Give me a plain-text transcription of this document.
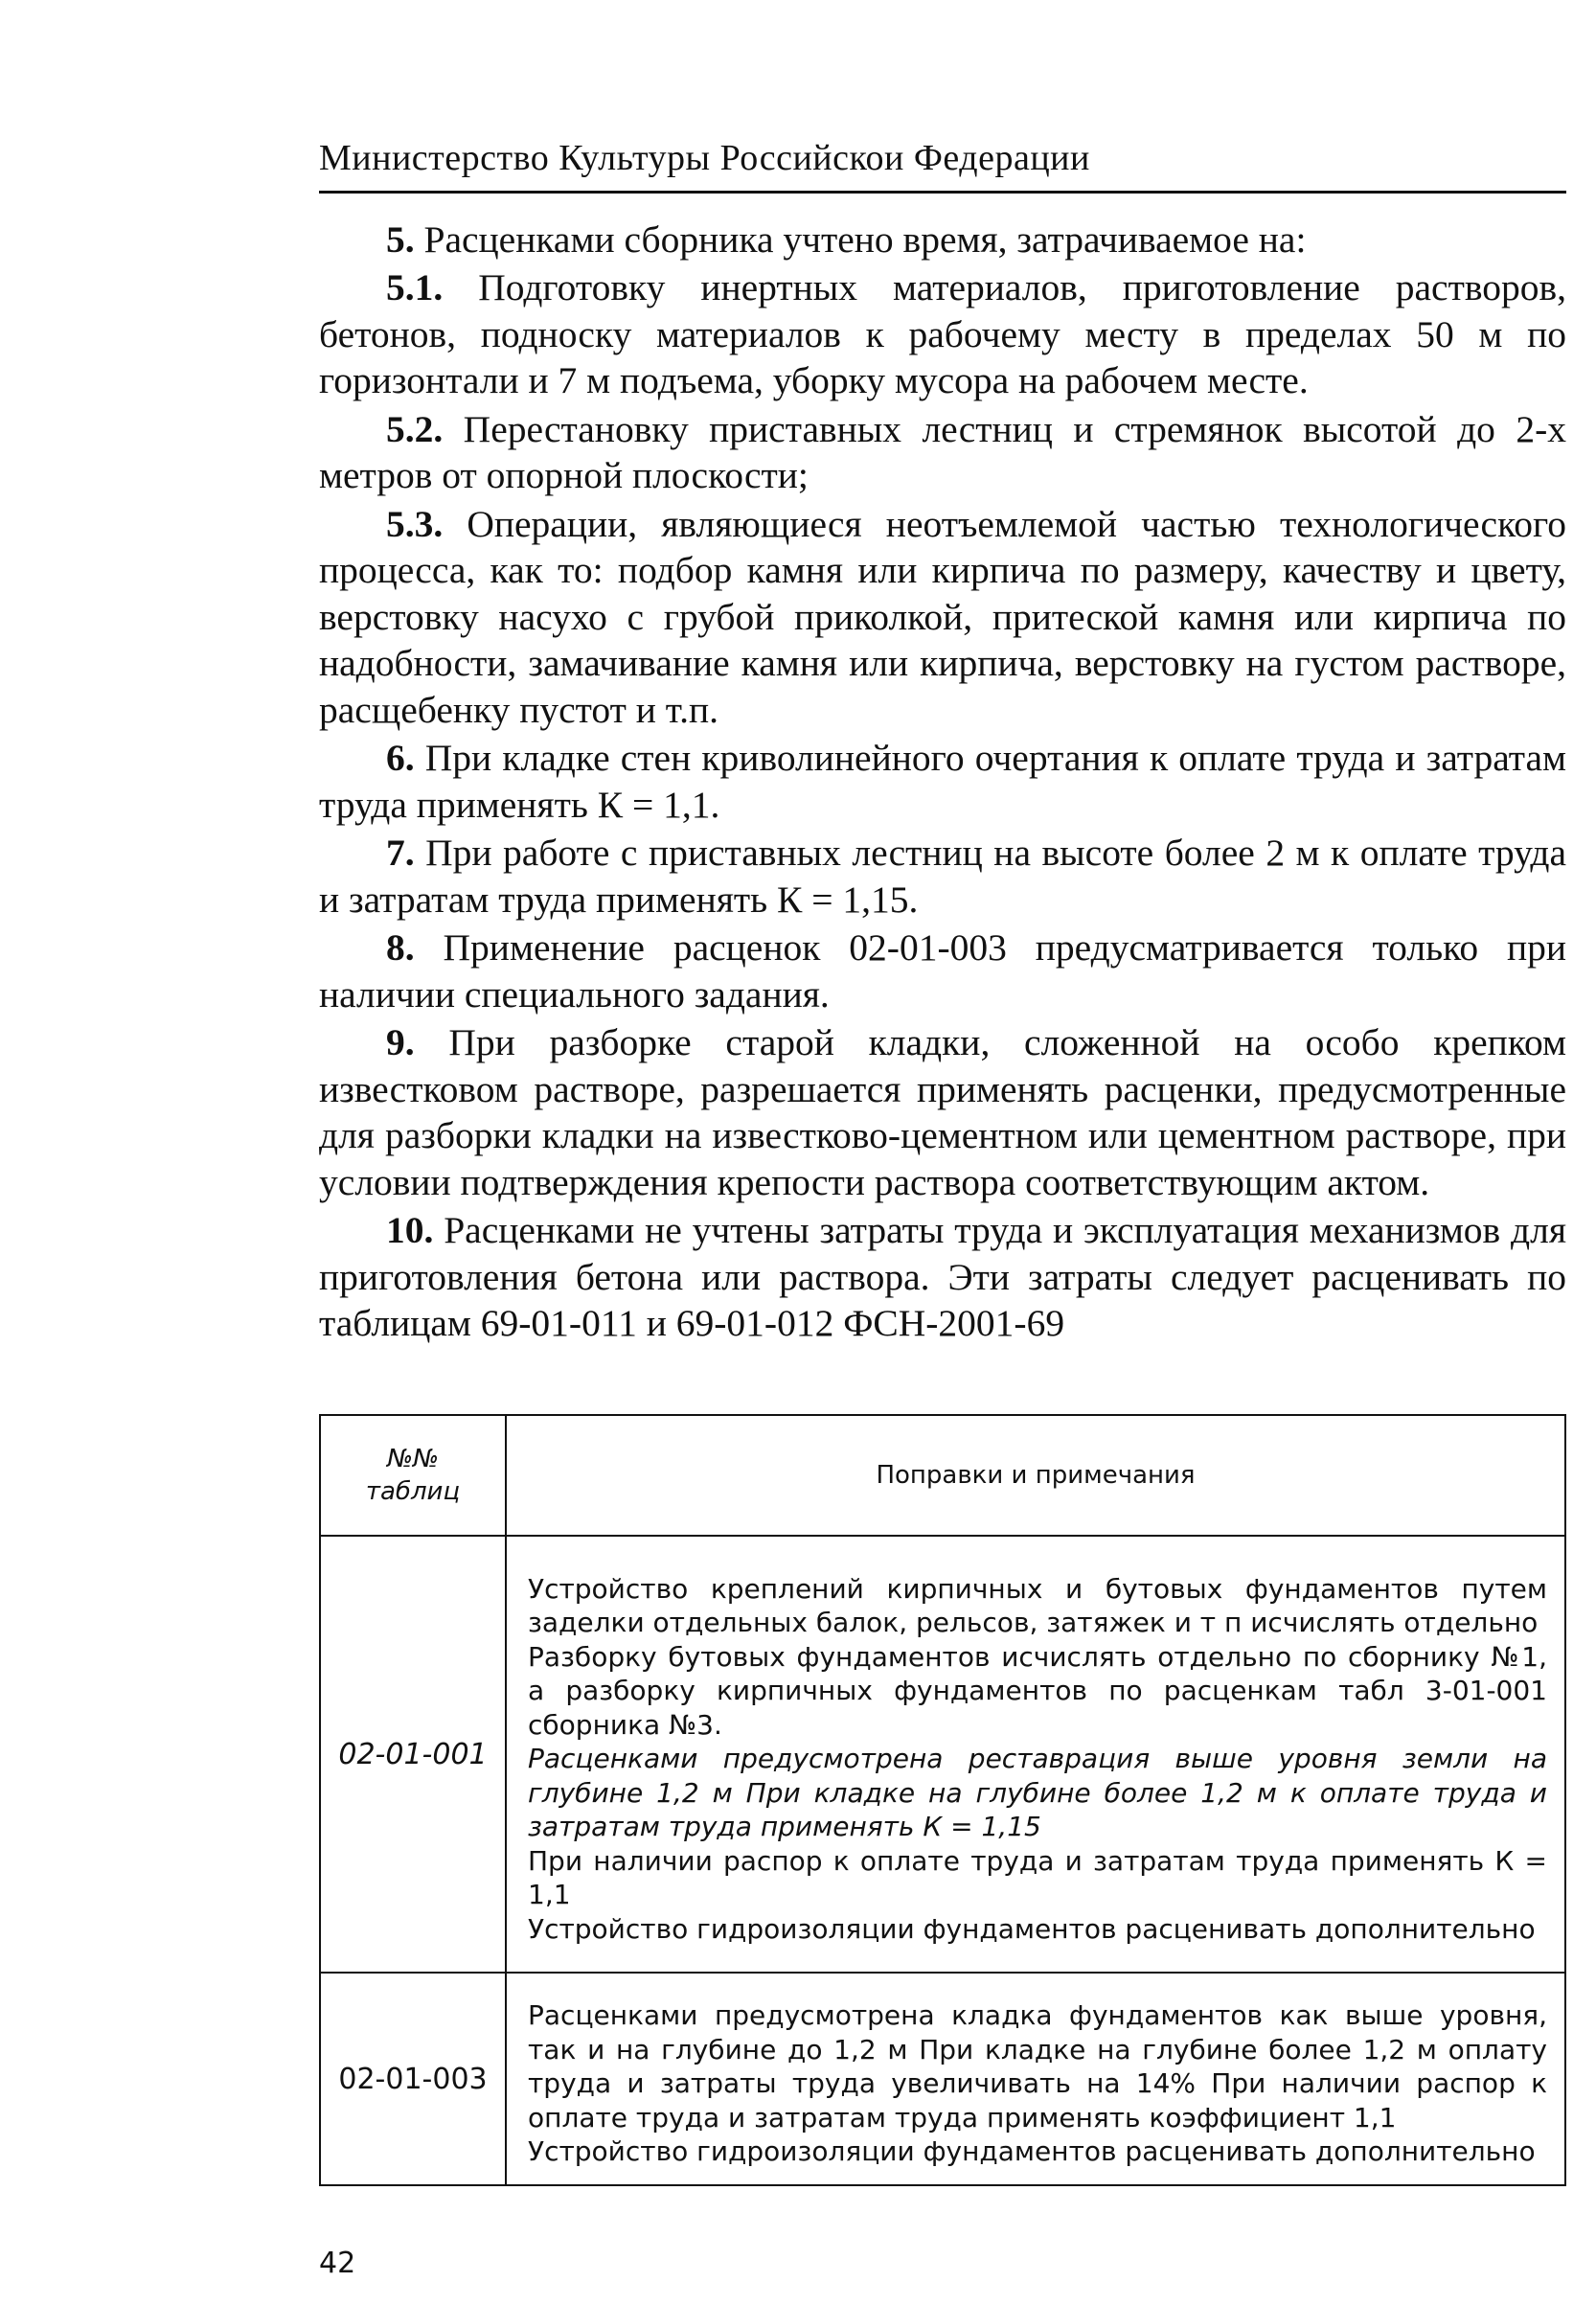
Министерство Культуры Российскои Федерации

5. Расценками сборника учтено время, затрачиваемое на:

5.1. Подготовку инертных материалов, приготовление растворов, бетонов, подноску материалов к рабочему месту в пределах 50 м по горизонтали и 7 м подъема, уборку мусора на рабочем месте.

5.2. Перестановку приставных лестниц и стремянок высотой до 2-х метров от опорной плоскости;

5.3. Операции, являющиеся неотъемлемой частью технологического процесса, как то: подбор камня или кирпича по размеру, качеству и цвету, верстовку насухо с грубой приколкой, притеской камня или кирпича по надобности, замачивание камня или кирпича, верстовку на густом растворе, расщебенку пустот и т.п.

6. При кладке стен криволинейного очертания к оплате труда и затратам труда применять К = 1,1.

7. При работе с приставных лестниц на высоте более 2 м к оплате труда и затратам труда применять К = 1,15.

8. Применение расценок 02-01-003 предусматривается только при наличии специального задания.

9. При разборке старой кладки, сложенной на особо крепком известковом растворе, разрешается применять расценки, предусмотренные для разборки кладки на известково-цементном или цементном растворе, при условии подтверждения крепости раствора соответствующим актом.

10. Расценками не учтены затраты труда и эксплуатация механизмов для приготовления бетона или раствора. Эти затраты следует расценивать по таблицам 69-01-011 и 69-01-012 ФСН-2001-69

№№
таблиц	Поправки и примечания
02-01-001	Устройство креплений кирпичных и бутовых фундаментов путем заделки отдельных балок, рельсов, затяжек и т п исчислять отдельно
Разборку бутовых фундаментов исчислять отдельно по сборнику №1, а разборку кирпичных фундаментов по расценкам табл 3-01-001 сборника №3.
Расценками предусмотрена реставрация выше уровня земли на глубине 1,2 м При кладке на глубине более 1,2 м к оплате труда и затратам труда применять К = 1,15
При наличии распор к оплате труда и затратам труда применять К = 1,1
Устройство гидроизоляции фундаментов расценивать дополнительно

02-01-003	Расценками предусмотрена кладка фундаментов как выше уровня, так и на глубине до 1,2 м При кладке на глубине более 1,2 м оплату труда и затраты труда увеличивать на 14% При наличии распор к оплате труда и затратам труда применять коэффициент 1,1
Устройство гидроизоляции фундаментов расценивать дополнительно
42
